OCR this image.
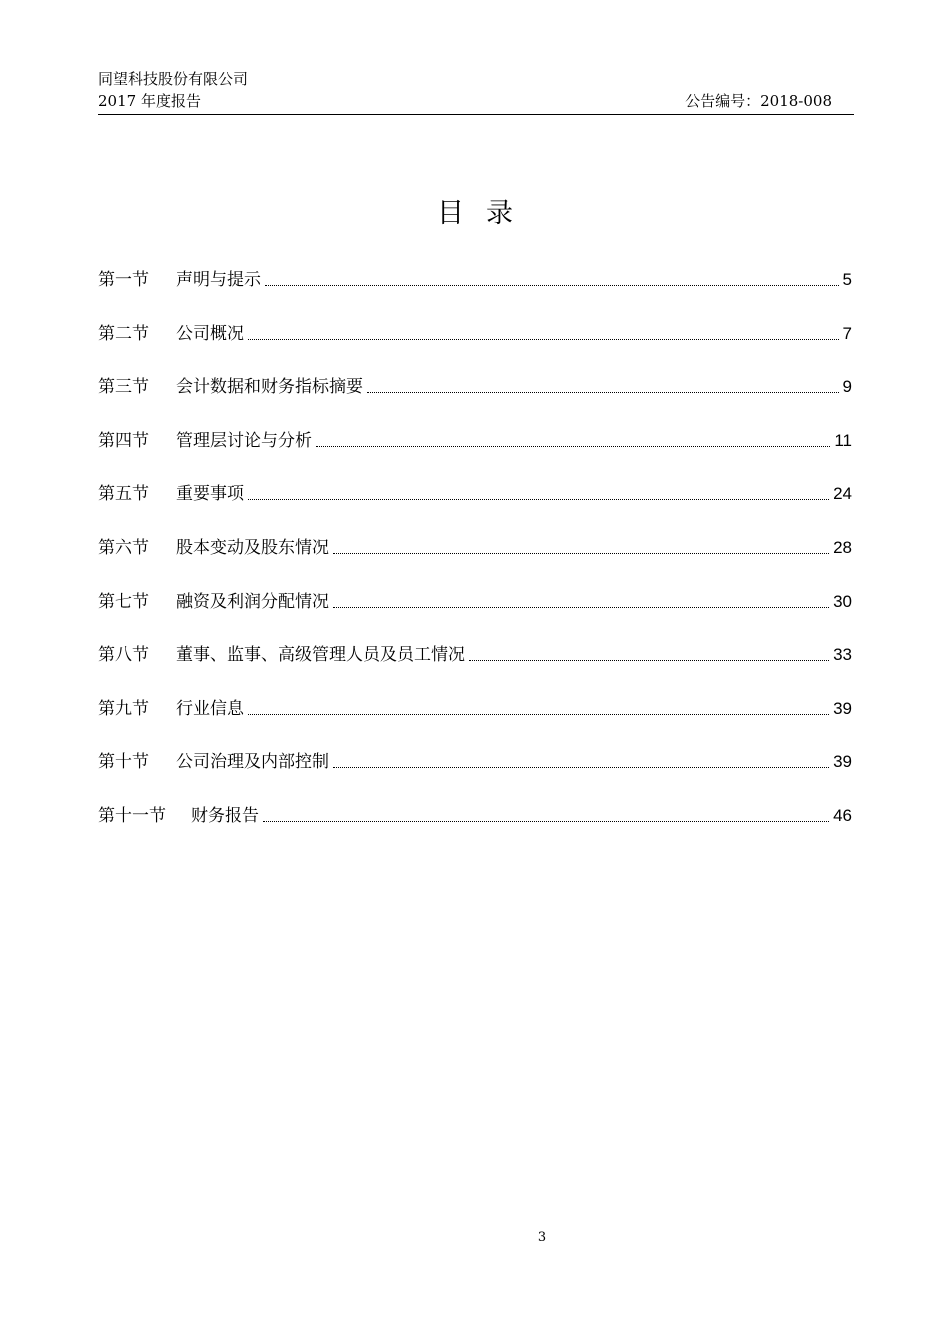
同望科技股份有限公司
2017 年度报告	公告编号：2018-008
目录
第一节 声明与提示	5
第二节 公司概况	7
第三节 会计数据和财务指标摘要	9
第四节 管理层讨论与分析	11
第五节 重要事项	24
第六节 股本变动及股东情况	28
第七节 融资及利润分配情况	30
第八节 董事、监事、高级管理人员及员工情况	33
第九节 行业信息	39
第十节 公司治理及内部控制	39
第十一节 财务报告	46
3
